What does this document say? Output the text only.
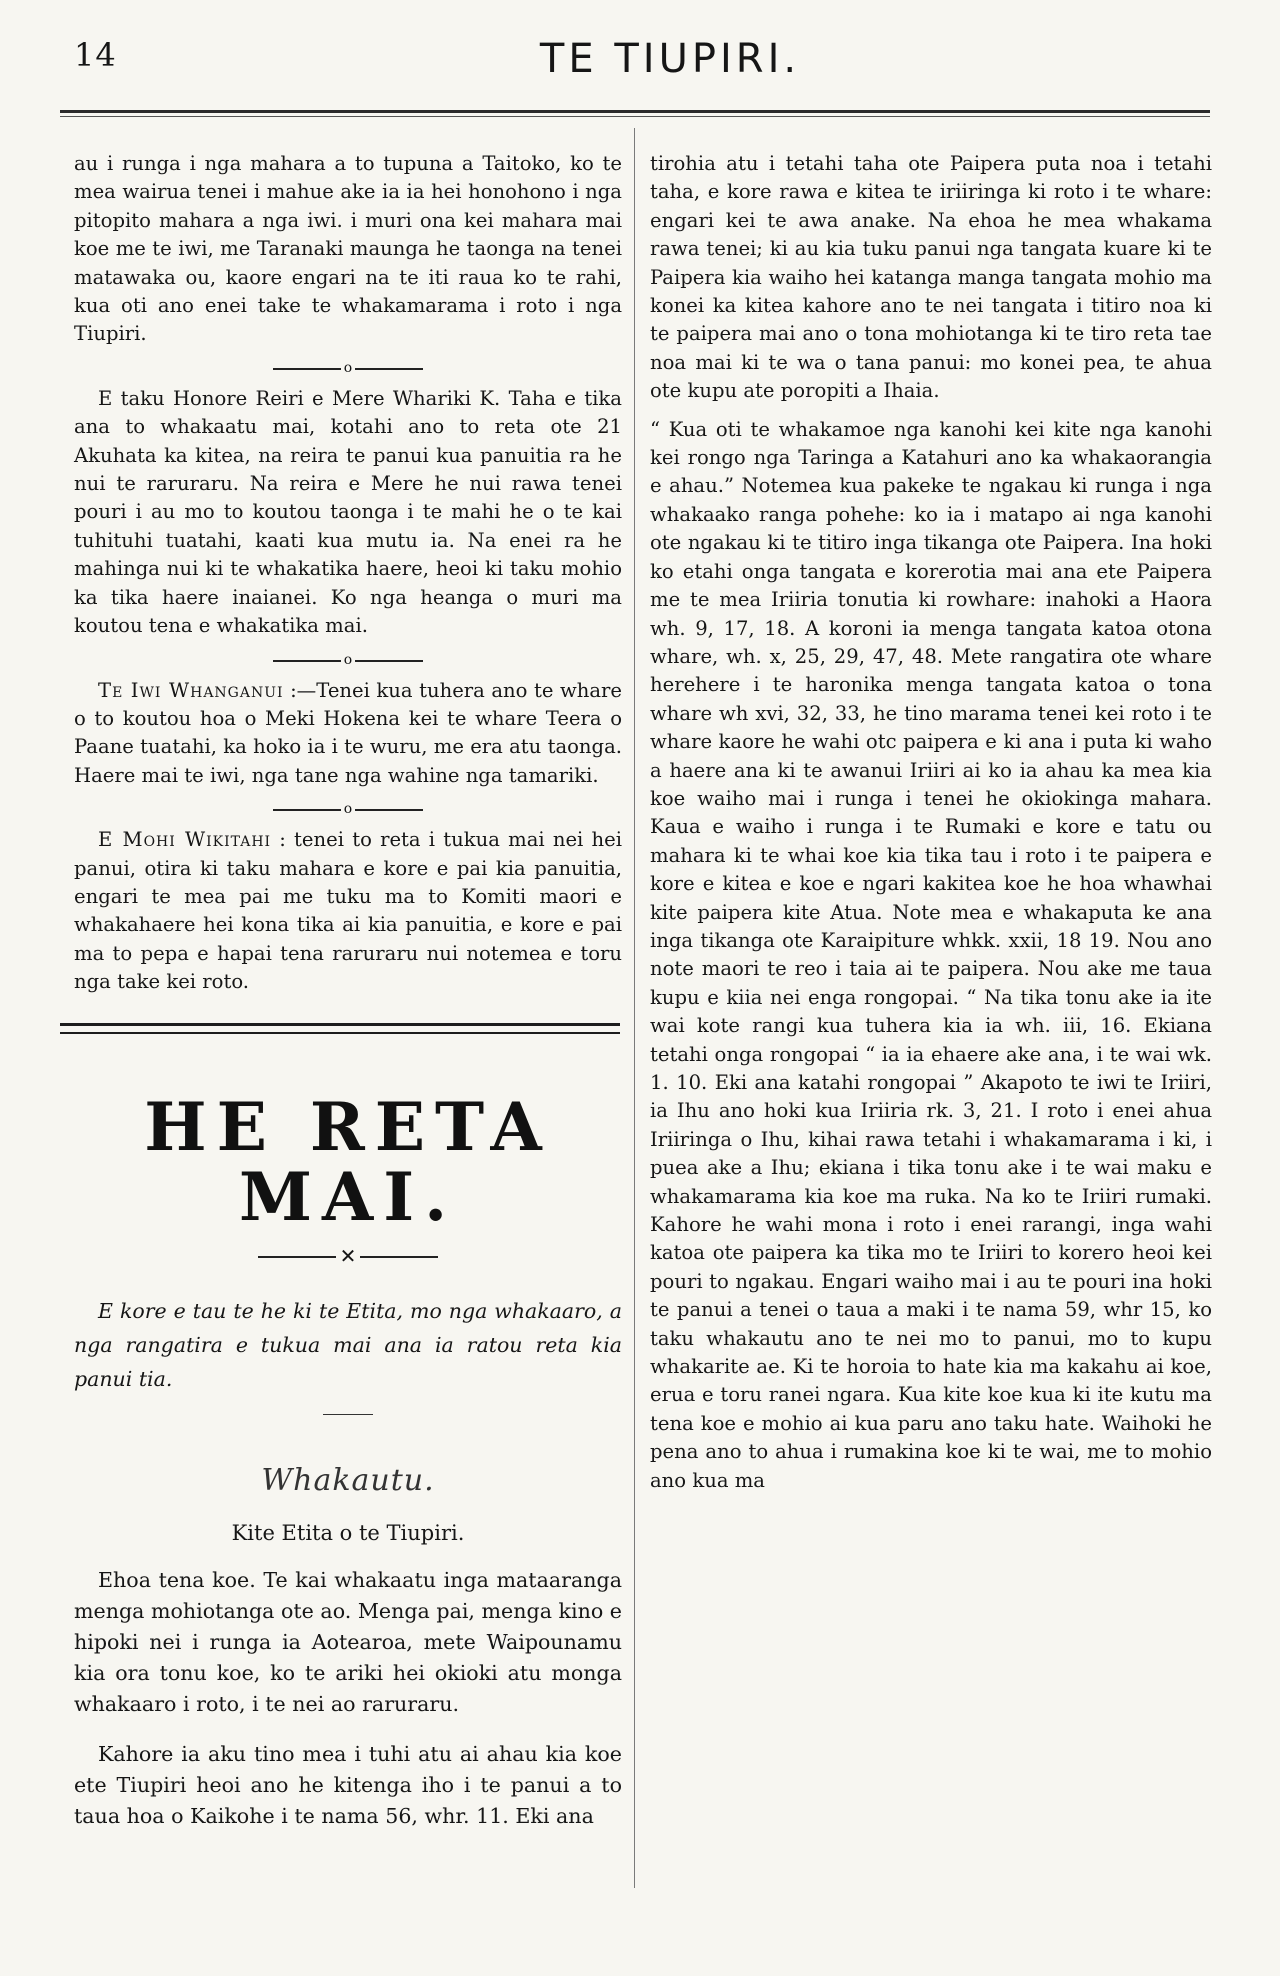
14	TE TIUPIRI.

au i runga i nga mahara a to tupuna a Taitoko, ko te mea wairua tenei i mahue ake ia ia hei honohono i nga pitopito mahara a nga iwi. i muri ona kei mahara mai koe me te iwi, me Taranaki maunga he taonga na tenei matawaka ou, kaore engari na te iti raua ko te rahi, kua oti ano enei take te whakamarama i roto i nga Tiupiri.

o

E taku Honore Reiri e Mere Whariki K. Taha e tika ana to whakaatu mai, kotahi ano to reta ote 21 Akuhata ka kitea, na reira te panui kua panuitia ra he nui te raruraru. Na reira e Mere he nui rawa tenei pouri i au mo to koutou taonga i te mahi he o te kai tuhituhi tuatahi, kaati kua mutu ia. Na enei ra he mahinga nui ki te whakatika haere, heoi ki taku mohio ka tika haere inaianei. Ko nga heanga o muri ma koutou tena e whakatika mai.

o

Te Iwi Whanganui :—Tenei kua tuhera ano te whare o to koutou hoa o Meki Hokena kei te whare Teera o Paane tuatahi, ka hoko ia i te wuru, me era atu taonga. Haere mai te iwi, nga tane nga wahine nga tamariki.

o

E Mohi Wikitahi : tenei to reta i tukua mai nei hei panui, otira ki taku mahara e kore e pai kia panuitia, engari te mea pai me tuku ma to Komiti maori e whakahaere hei kona tika ai kia panuitia, e kore e pai ma to pepa e hapai tena raruraru nui notemea e toru nga take kei roto.

HE RETA MAI.
✕

E kore e tau te he ki te Etita, mo nga whakaaro, a nga rangatira e tukua mai ana ia ratou reta kia panui tia.

Whakautu.
Kite Etita o te Tiupiri.

Ehoa tena koe. Te kai whakaatu inga mataaranga menga mohiotanga ote ao. Menga pai, menga kino e hipoki nei i runga ia Aotearoa, mete Waipounamu kia ora tonu koe, ko te ariki hei okioki atu monga whakaaro i roto, i te nei ao raruraru.

Kahore ia aku tino mea i tuhi atu ai ahau kia koe ete Tiupiri heoi ano he kitenga iho i te panui a to taua hoa o Kaikohe i te nama 56, whr. 11. Eki ana

tirohia atu i tetahi taha ote Paipera puta noa i tetahi taha, e kore rawa e kitea te iriiringa ki roto i te whare: engari kei te awa anake. Na ehoa he mea whakama rawa tenei; ki au kia tuku panui nga tangata kuare ki te Paipera kia waiho hei katanga manga tangata mohio ma konei ka kitea kahore ano te nei tangata i titiro noa ki te paipera mai ano o tona mohiotanga ki te tiro reta tae noa mai ki te wa o tana panui: mo konei pea, te ahua ote kupu ate poropiti a Ihaia.

“ Kua oti te whakamoe nga kanohi kei kite nga kanohi kei rongo nga Taringa a Katahuri ano ka whakaorangia e ahau.” Notemea kua pakeke te ngakau ki runga i nga whakaako ranga pohehe: ko ia i matapo ai nga kanohi ote ngakau ki te titiro inga tikanga ote Paipera. Ina hoki ko etahi onga tangata e korerotia mai ana ete Paipera me te mea Iriiria tonutia ki rowhare: inahoki a Haora wh. 9, 17, 18. A koroni ia menga tangata katoa otona whare, wh. x, 25, 29, 47, 48. Mete rangatira ote whare herehere i te haronika menga tangata katoa o tona whare wh xvi, 32, 33, he tino marama tenei kei roto i te whare kaore he wahi otc paipera e ki ana i puta ki waho a haere ana ki te awanui Iriiri ai ko ia ahau ka mea kia koe waiho mai i runga i tenei he okiokinga mahara. Kaua e waiho i runga i te Rumaki e kore e tatu ou mahara ki te whai koe kia tika tau i roto i te paipera e kore e kitea e koe e ngari kakitea koe he hoa whawhai kite paipera kite Atua. Note mea e whakaputa ke ana inga tikanga ote Karaipiture whkk. xxii, 18 19. Nou ano note maori te reo i taia ai te paipera. Nou ake me taua kupu e kiia nei enga rongopai. “ Na tika tonu ake ia ite wai kote rangi kua tuhera kia ia wh. iii, 16. Ekiana tetahi onga rongopai “ ia ia ehaere ake ana, i te wai wk. 1. 10. Eki ana katahi rongopai ” Akapoto te iwi te Iriiri, ia Ihu ano hoki kua Iriiria rk. 3, 21. I roto i enei ahua Iriiringa o Ihu, kihai rawa tetahi i whakamarama i ki, i puea ake a Ihu; ekiana i tika tonu ake i te wai maku e whakamarama kia koe ma ruka. Na ko te Iriiri rumaki. Kahore he wahi mona i roto i enei rarangi, inga wahi katoa ote paipera ka tika mo te Iriiri to korero heoi kei pouri to ngakau. Engari waiho mai i au te pouri ina hoki te panui a tenei o taua a maki i te nama 59, whr 15, ko taku whakautu ano te nei mo to panui, mo to kupu whakarite ae. Ki te horoia to hate kia ma kakahu ai koe, erua e toru ranei ngara. Kua kite koe kua ki ite kutu ma tena koe e mohio ai kua paru ano taku hate. Waihoki he pena ano to ahua i rumakina koe ki te wai, me to mohio ano kua ma
